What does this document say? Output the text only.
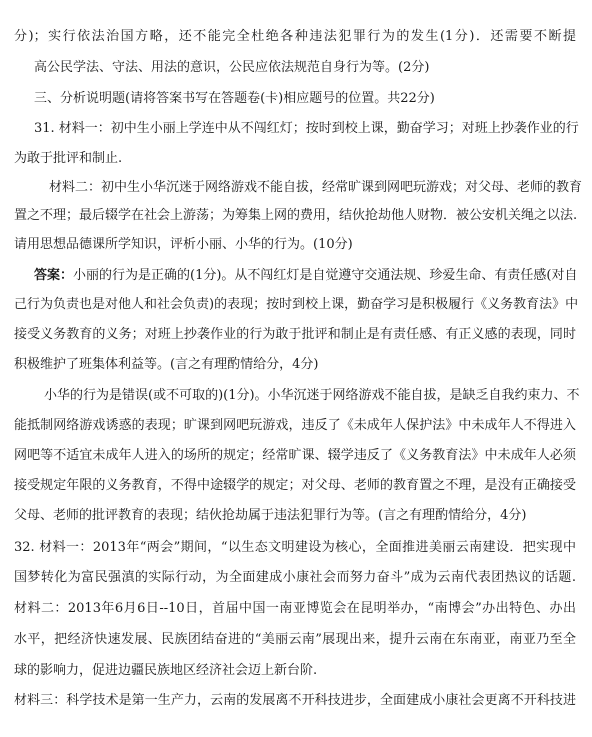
分)；实行依法治国方略，还不能完全杜绝各种违法犯罪行为的发生(1分)．还需要不断提
高公民学法、守法、用法的意识，公民应依法规范自身行为等。(2分)
三、分析说明题(请将答案书写在答题卷(卡)相应题号的位置。共22分)
31. 材料一：初中生小丽上学连中从不闯红灯；按时到校上课，勤奋学习；对班上抄袭作业的行
为敢于批评和制止.
材料二：初中生小华沉迷于网络游戏不能自拔，经常旷课到网吧玩游戏；对父母、老师的教育
置之不理；最后辍学在社会上游荡；为筹集上网的费用，结伙抢劫他人财物．被公安机关绳之以法.
请用思想品德课所学知识，评析小丽、小华的行为。(10分)
答案： 小丽的行为是正确的(1分)。从不闯红灯是自觉遵守交通法规、珍爱生命、有责任感(对自
己行为负责也是对他人和社会负责)的表现；按时到校上课，勤奋学习是积极履行《义务教育法》中
接受义务教育的义务；对班上抄袭作业的行为敢于批评和制止是有责任感、有正义感的表现，同时
积极维护了班集体利益等。(言之有理酌情给分，4分)
小华的行为是错误(或不可取的)(1分)。小华沉迷于网络游戏不能自拔，是缺乏自我约束力、不
能抵制网络游戏诱惑的表现；旷课到网吧玩游戏，违反了《未成年人保护法》中未成年人不得进入
网吧等不适宜未成年人进入的场所的规定；经常旷课、辍学违反了《义务教育法》中未成年人必须
接受规定年限的义务教育，不得中途辍学的规定；对父母、老师的教育置之不理，是没有正确接受
父母、老师的批评教育的表现；结伙抢劫属于违法犯罪行为等。(言之有理酌情给分，4分)
32. 材料一：2013年“两会”期间，“以生态文明建设为核心，全面推进美丽云南建设．把实现中
国梦转化为富民强滇的实际行动，为全面建成小康社会而努力奋斗”成为云南代表团热议的话题.
材料二：2013年6月6日--10日，首届中国一南亚博览会在昆明举办，“南博会”办出特色、办出
水平，把经济快速发展、民族团结奋进的“美丽云南”展现出来，提升云南在东南亚，南亚乃至全
球的影响力，促进边疆民族地区经济社会迈上新台阶.
材料三：科学技术是第一生产力，云南的发展离不开科技进步，全面建成小康社会更离不开科技进
